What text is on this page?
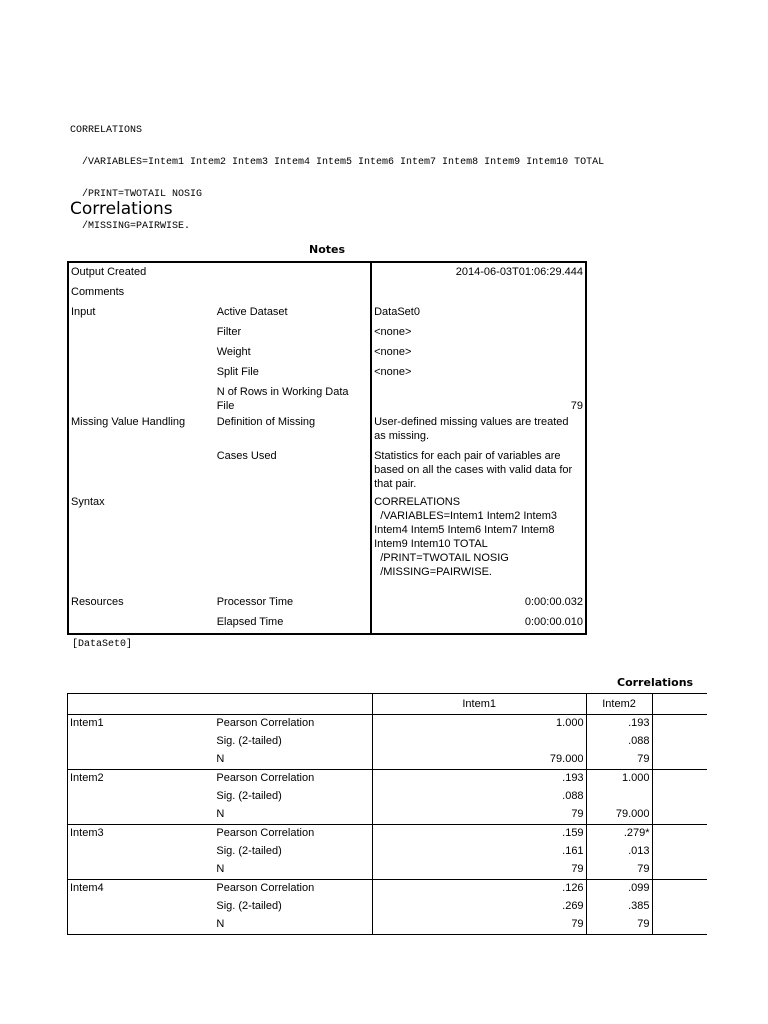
CORRELATIONS

/VARIABLES=Intem1 Intem2 Intem3 Intem4 Intem5 Intem6 Intem7 Intem8 Intem9 Intem10 TOTAL

/PRINT=TWOTAIL NOSIG

/MISSING=PAIRWISE.

Correlations
Notes
Output Created		2014-06-03T01:06:29.444
Comments		
Input	Active Dataset	DataSet0
	Filter	<none>
	Weight	<none>
	Split File	<none>
	N of Rows in Working Data File	79
Missing Value Handling	Definition of Missing	User-defined missing values are treated as missing.
	Cases Used	Statistics for each pair of variables are based on all the cases with valid data for that pair.
Syntax		CORRELATIONS
/VARIABLES=Intem1 Intem2 Intem3 Intem4 Intem5 Intem6 Intem7 Intem8 Intem9 Intem10 TOTAL
/PRINT=TWOTAIL NOSIG
/MISSING=PAIRWISE.
Resources	Processor Time	0:00:00.032
	Elapsed Time	0:00:00.010
[DataSet0]
Correlations
		Intem1	Intem2	
Intem1	Pearson Correlation	1.000	.193	
	Sig. (2-tailed)		.088	
	N	79.000	79	
Intem2	Pearson Correlation	.193	1.000	
	Sig. (2-tailed)	.088		
	N	79	79.000	
Intem3	Pearson Correlation	.159	.279*	
	Sig. (2-tailed)	.161	.013	
	N	79	79	
Intem4	Pearson Correlation	.126	.099	
	Sig. (2-tailed)	.269	.385	
	N	79	79	
